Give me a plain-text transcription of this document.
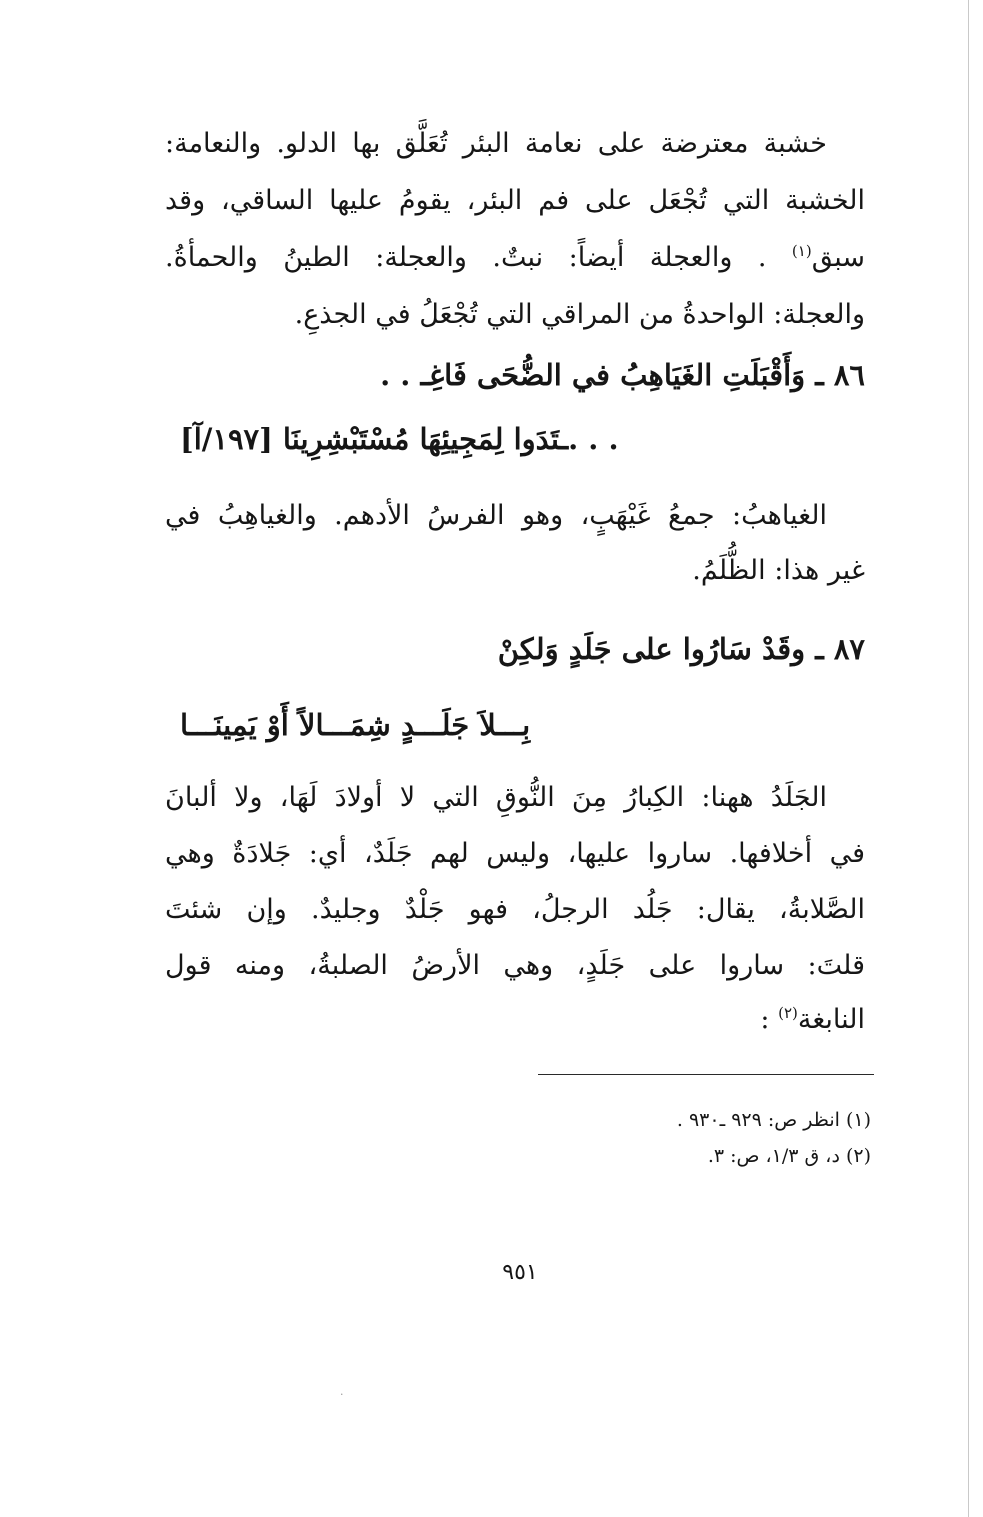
خشبة معترضة على نعامة البئر تُعَلَّق بها الدلو. والنعامة:
الخشبة التي تُجْعَل على فم البئر، يقومُ عليها الساقي، وقد
سبق$^{(١)}$ . والعجلة أيضاً: نبتٌ. والعجلة: الطينُ والحمأةُ.
والعجلة: الواحدةُ من المراقي التي تُجْعَلُ في الجذعِ.
٨٦ ـ وَأَقْبَلَتِ الغَيَاهِبُ في الضُّحَى فَاغِـ . .
. . .ـتَدَوا لِمَجِيئِهَا مُسْتَبْشِرِينَا [١٩٧/آ]
الغياهبُ: جمعُ غَيْهَبٍ، وهو الفرسُ الأدهم. والغياهِبُ في
غير هذا: الظُّلَمُ.
٨٧ ـ وقَدْ سَارُوا على جَلَدٍ وَلكِنْ
بِـــلاَ جَلَـــدٍ شِمَـــالاً أَوْ يَمِينَـــا
الجَلَدُ ههنا: الكِبارُ مِنَ النُّوقِ التي لا أولادَ لَهَا، ولا ألبانَ
في أخلافها. ساروا عليها، وليس لهم جَلَدٌ، أي: جَلادَةٌ وهي
الصَّلابةُ، يقال: جَلُد الرجلُ، فهو جَلْدٌ وجليدٌ. وإن شئتَ
قلتَ: ساروا على جَلَدٍ، وهي الأرضُ الصلبةُ، ومنه قول
النابغة$^{(٢)}$ :
(١) انظر ص: ٩٢٩ ـ٩٣٠ .
(٢) د، ق ١/٣، ص: ٣.
٩٥١
·
